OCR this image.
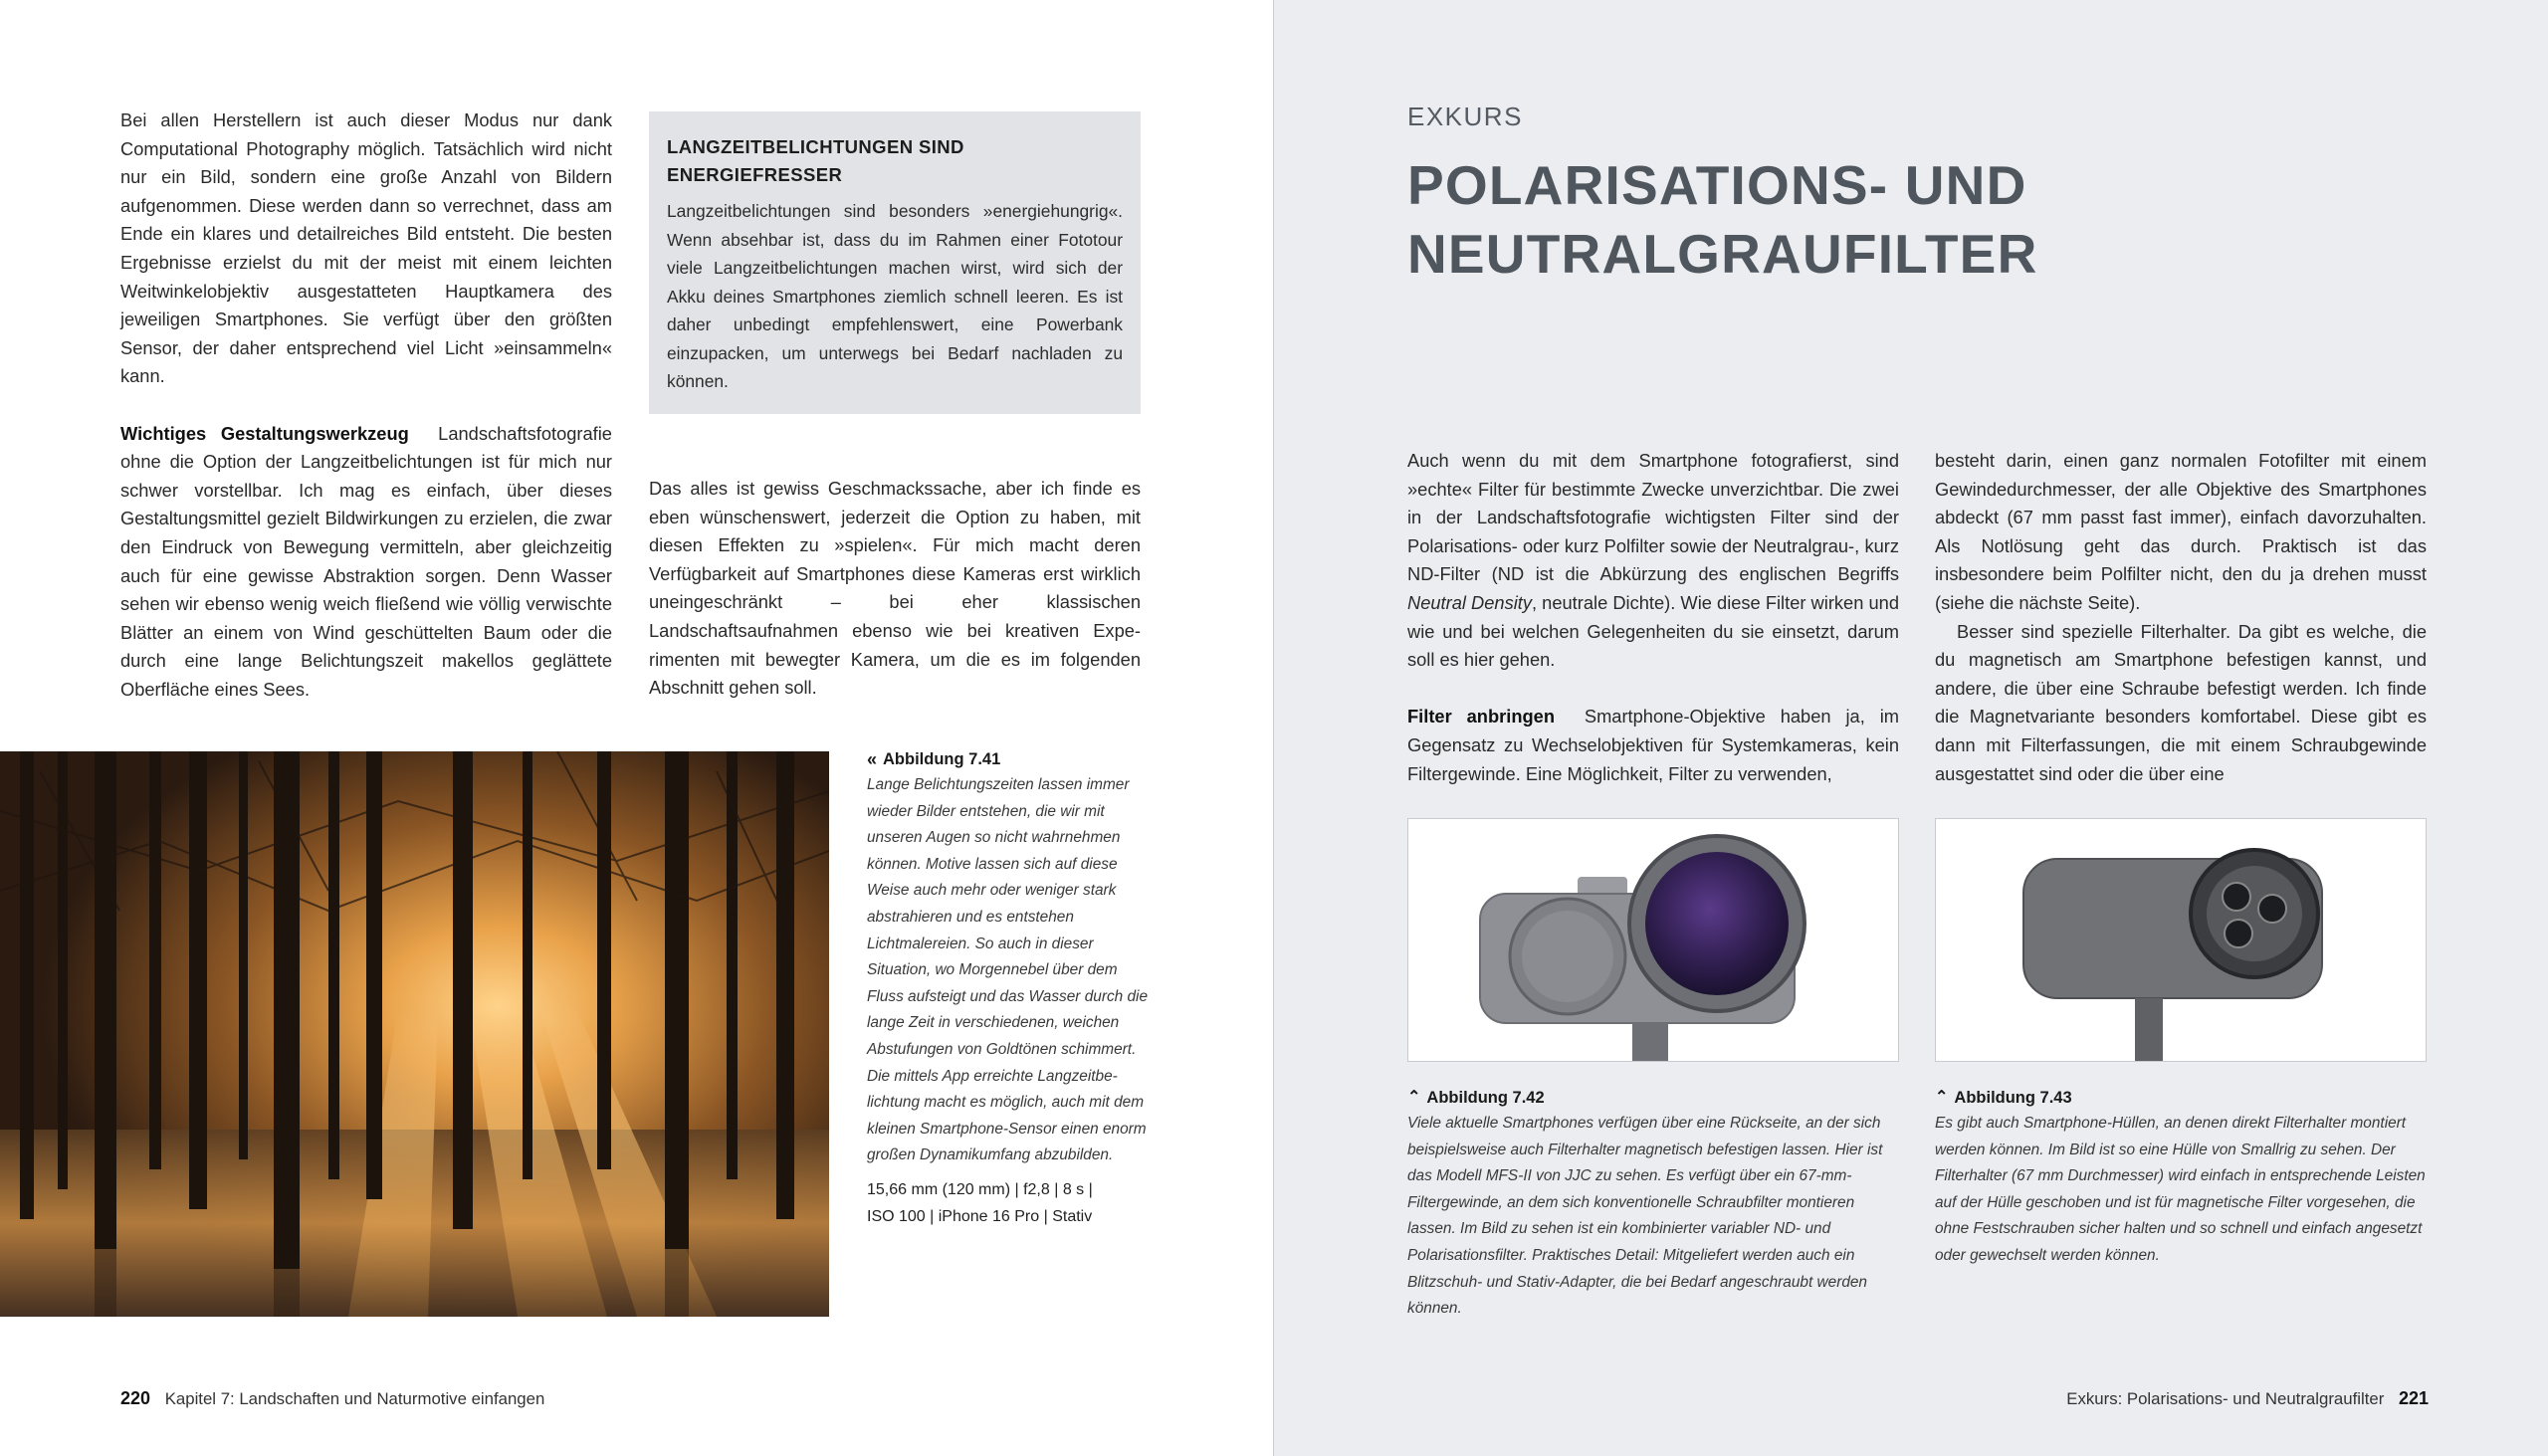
Bei allen Herstellern ist auch dieser Modus nur dank Computational Photography möglich. Tatsächlich wird nicht nur ein Bild, sondern eine große Anzahl von Bildern aufgenommen. Diese werden dann so verrechnet, dass am Ende ein klares und detailreiches Bild entsteht. Die besten Ergebnisse erzielst du mit der meist mit einem leichten Weitwinkelobjektiv ausgestatteten Hauptkamera des jeweiligen Smartphones. Sie verfügt über den größten Sensor, der daher entsprechend viel Licht »einsammeln« kann.

Wichtiges Gestaltungswerkzeug Landschaftsfotografie ohne die Option der Langzeitbelichtungen ist für mich nur schwer vorstellbar. Ich mag es einfach, über dieses Gestaltungsmittel gezielt Bildwirkungen zu erzielen, die zwar den Eindruck von Bewegung vermitteln, aber gleichzeitig auch für eine gewisse Abstraktion sorgen. Denn Wasser sehen wir ebenso wenig weich fließend wie völlig verwischte Blätter an einem von Wind geschüttelten Baum oder die durch eine lange Belichtungszeit makellos geglättete Oberfläche eines Sees.

LANGZEITBELICHTUNGEN SIND ENERGIEFRESSER

Langzeitbelichtungen sind besonders »energiehungrig«. Wenn absehbar ist, dass du im Rahmen einer Fototour viele Langzeitbelichtungen machen wirst, wird sich der Akku deines Smartphones ziemlich schnell leeren. Es ist daher unbedingt empfehlenswert, eine Powerbank einzupacken, um unterwegs bei Bedarf nachladen zu können.

Das alles ist gewiss Geschmackssache, aber ich finde es eben wünschenswert, jederzeit die Option zu haben, mit diesen Effekten zu »spielen«. Für mich macht deren Verfügbarkeit auf Smartphones diese Kameras erst wirklich uneingeschränkt – bei eher klassischen Landschaftsaufnahmen ebenso wie bei kreativen Experimenten mit bewegter Kamera, um die es im folgenden Abschnitt gehen soll.

« Abbildung 7.41

Lange Belichtungszeiten lassen immer wieder Bilder entstehen, die wir mit unseren Augen so nicht wahrnehmen können. Motive lassen sich auf diese Weise auch mehr oder weniger stark abstrahieren und es entstehen Lichtmalereien. So auch in dieser Situation, wo Morgennebel über dem Fluss aufsteigt und das Wasser durch die lange Zeit in verschiedenen, weichen Abstufungen von Goldtönen schimmert. Die mittels App erreichte Langzeitbelichtung macht es möglich, auch mit dem kleinen Smartphone-Sensor einen enorm großen Dynamikumfang abzubilden.

15,66 mm (120 mm) | f2,8 | 8 s |
ISO 100 | iPhone 16 Pro | Stativ

220 Kapitel 7: Landschaften und Naturmotive einfangen
EXKURS
POLARISATIONS- UND
NEUTRALGRAUFILTER

Auch wenn du mit dem Smartphone fotografierst, sind »echte« Filter für bestimmte Zwecke unverzichtbar. Die zwei in der Landschaftsfotografie wichtigsten Filter sind der Polarisations- oder kurz Polfilter sowie der Neutralgrau-, kurz ND-Filter (ND ist die Abkürzung des englischen Begriffs Neutral Density, neutrale Dichte). Wie diese Filter wirken und wie und bei welchen Gelegenheiten du sie einsetzt, darum soll es hier gehen.

Filter anbringen Smartphone-Objektive haben ja, im Gegensatz zu Wechselobjektiven für Systemkameras, kein Filtergewinde. Eine Möglichkeit, Filter zu verwenden,

besteht darin, einen ganz normalen Fotofilter mit einem Gewindedurchmesser, der alle Objektive des Smartphones abdeckt (67 mm passt fast immer), einfach davorzuhalten. Als Notlösung geht das durch. Praktisch ist das insbesondere beim Polfilter nicht, den du ja drehen musst (siehe die nächste Seite).

Besser sind spezielle Filterhalter. Da gibt es welche, die du magnetisch am Smartphone befestigen kannst, und andere, die über eine Schraube befestigt werden. Ich finde die Magnetvariante besonders komfortabel. Diese gibt es dann mit Filterfassungen, die mit einem Schraubgewinde ausgestattet sind oder die über eine

⌃ Abbildung 7.42

Viele aktuelle Smartphones verfügen über eine Rückseite, an der sich beispielsweise auch Filterhalter magnetisch befestigen lassen. Hier ist das Modell MFS-II von JJC zu sehen. Es verfügt über ein 67-mm-Filtergewinde, an dem sich konventionelle Schraubfilter montieren lassen. Im Bild zu sehen ist ein kombinierter variabler ND- und Polarisationsfilter. Praktisches Detail: Mitgeliefert werden auch ein Blitzschuh- und Stativ-Adapter, die bei Bedarf angeschraubt werden können.

⌃ Abbildung 7.43

Es gibt auch Smartphone-Hüllen, an denen direkt Filterhalter montiert werden können. Im Bild ist so eine Hülle von Smallrig zu sehen. Der Filterhalter (67 mm Durchmesser) wird einfach in entsprechende Leisten auf der Hülle geschoben und ist für magnetische Filter vorgesehen, die ohne Festschrauben sicher halten und so schnell und einfach angesetzt oder gewechselt werden können.

Exkurs: Polarisations- und Neutralgraufilter 221
